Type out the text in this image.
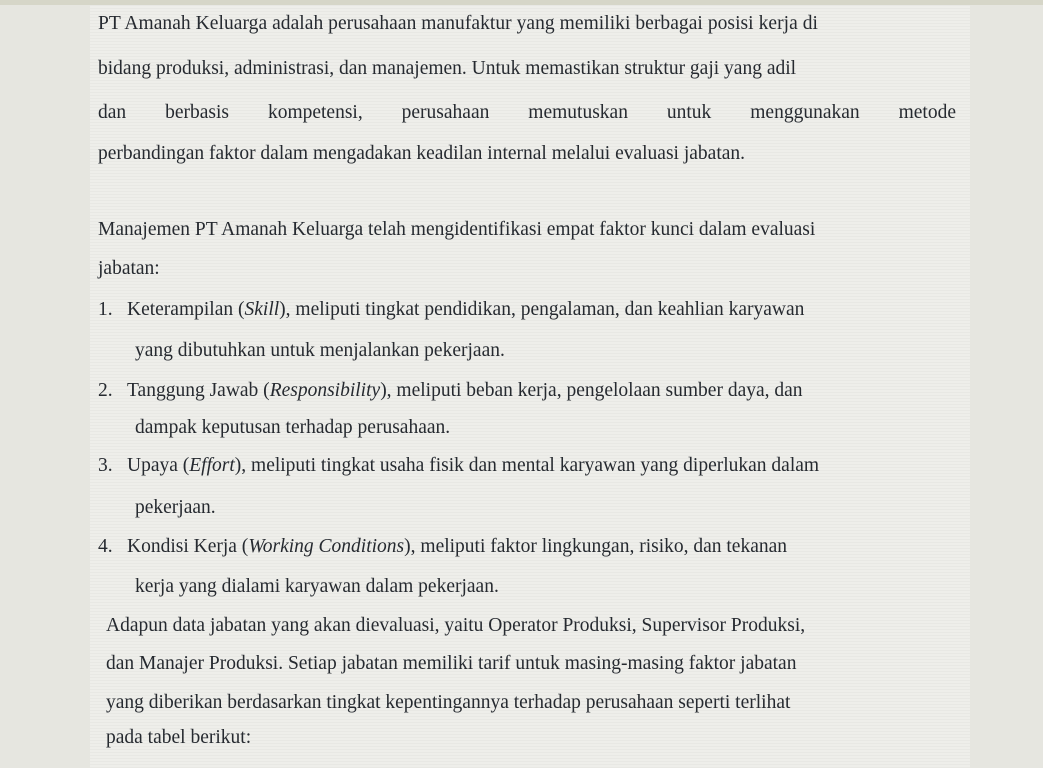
PT Amanah Keluarga adalah perusahaan manufaktur yang memiliki berbagai posisi kerja di
bidang produksi, administrasi, dan manajemen. Untuk memastikan struktur gaji yang adil
dan berbasis kompetensi, perusahaan memutuskan untuk menggunakan metode
perbandingan faktor dalam mengadakan keadilan internal melalui evaluasi jabatan.
Manajemen PT Amanah Keluarga telah mengidentifikasi empat faktor kunci dalam evaluasi
jabatan:
1. Keterampilan (Skill), meliputi tingkat pendidikan, pengalaman, dan keahlian karyawan
yang dibutuhkan untuk menjalankan pekerjaan.
2. Tanggung Jawab (Responsibility), meliputi beban kerja, pengelolaan sumber daya, dan
dampak keputusan terhadap perusahaan.
3. Upaya (Effort), meliputi tingkat usaha fisik dan mental karyawan yang diperlukan dalam
pekerjaan.
4. Kondisi Kerja (Working Conditions), meliputi faktor lingkungan, risiko, dan tekanan
kerja yang dialami karyawan dalam pekerjaan.
Adapun data jabatan yang akan dievaluasi, yaitu Operator Produksi, Supervisor Produksi,
dan Manajer Produksi. Setiap jabatan memiliki tarif untuk masing-masing faktor jabatan
yang diberikan berdasarkan tingkat kepentingannya terhadap perusahaan seperti terlihat
pada tabel berikut:
